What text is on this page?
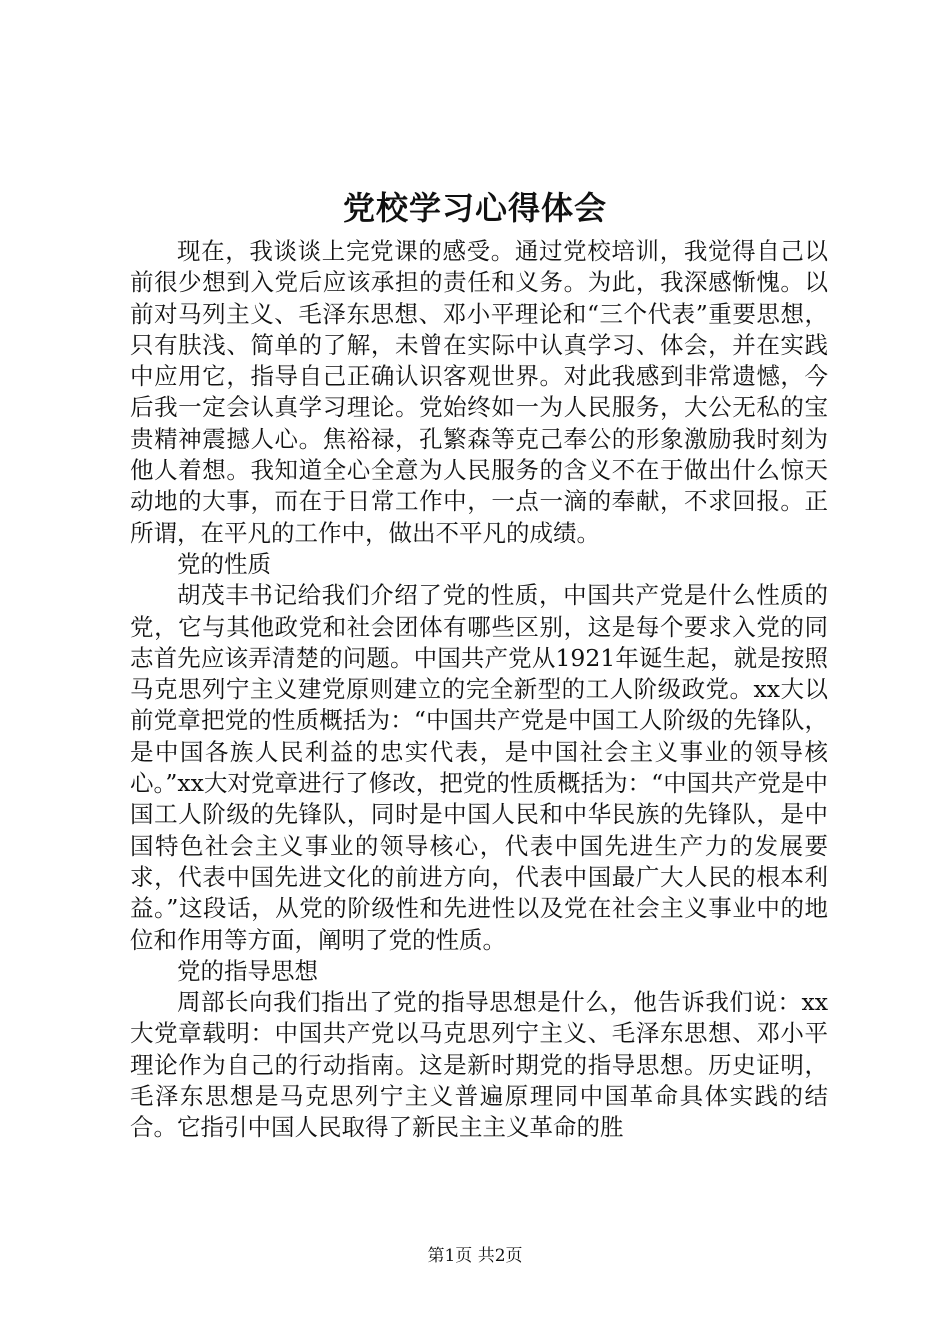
党校学习心得体会

现在，我谈谈上完党课的感受。通过党校培训，我觉得自己以前很少想到入党后应该承担的责任和义务。为此，我深感惭愧。以前对马列主义、毛泽东思想、邓小平理论和“三个代表”重要思想，只有肤浅、简单的了解，未曾在实际中认真学习、体会，并在实践中应用它，指导自己正确认识客观世界。对此我感到非常遗憾，今后我一定会认真学习理论。党始终如一为人民服务，大公无私的宝贵精神震撼人心。焦裕禄，孔繁森等克己奉公的形象激励我时刻为他人着想。我知道全心全意为人民服务的含义不在于做出什么惊天动地的大事，而在于日常工作中，一点一滴的奉献，不求回报。正所谓，在平凡的工作中，做出不平凡的成绩。

党的性质

胡茂丰书记给我们介绍了党的性质，中国共产党是什么性质的党，它与其他政党和社会团体有哪些区别，这是每个要求入党的同志首先应该弄清楚的问题。中国共产党从1921年诞生起，就是按照马克思列宁主义建党原则建立的完全新型的工人阶级政党。xx大以前党章把党的性质概括为：“中国共产党是中国工人阶级的先锋队，是中国各族人民利益的忠实代表，是中国社会主义事业的领导核心。”xx大对党章进行了修改，把党的性质概括为：“中国共产党是中国工人阶级的先锋队，同时是中国人民和中华民族的先锋队，是中国特色社会主义事业的领导核心，代表中国先进生产力的发展要求，代表中国先进文化的前进方向，代表中国最广大人民的根本利益。”这段话，从党的阶级性和先进性以及党在社会主义事业中的地位和作用等方面，阐明了党的性质。

党的指导思想

周部长向我们指出了党的指导思想是什么，他告诉我们说：xx大党章载明：中国共产党以马克思列宁主义、毛泽东思想、邓小平理论作为自己的行动指南。这是新时期党的指导思想。历史证明，毛泽东思想是马克思列宁主义普遍原理同中国革命具体实践的结合。它指引中国人民取得了新民主主义革命的胜

第1页 共2页
